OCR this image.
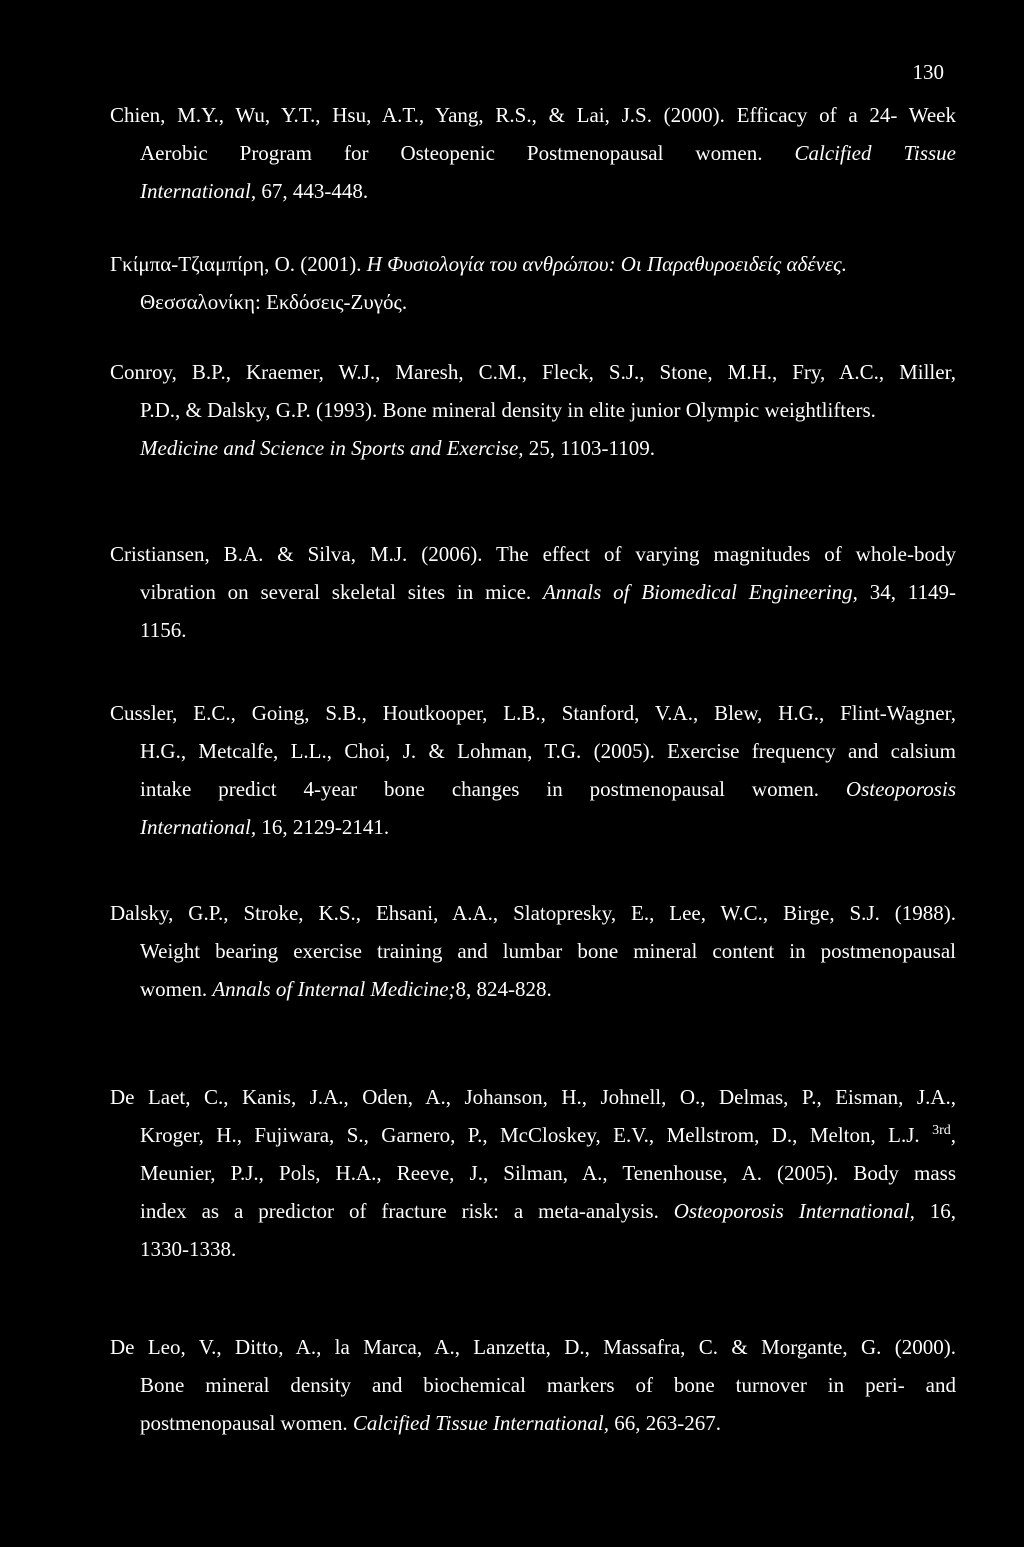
130
Chien, M.Y., Wu, Y.T., Hsu, A.T., Yang, R.S., & Lai, J.S. (2000). Efficacy of a 24- Week
Aerobic Program for Osteopenic Postmenopausal women. Calcified Tissue
International, 67, 443-448.
Γκίμπα-Τζιαμπίρη, Ο. (2001). Η Φυσιολογία του ανθρώπου: Οι Παραθυροειδείς αδένες.
Θεσσαλονίκη: Εκδόσεις-Ζυγός.
Conroy, B.P., Kraemer, W.J., Maresh, C.M., Fleck, S.J., Stone, M.H., Fry, A.C., Miller,
P.D., & Dalsky, G.P. (1993). Bone mineral density in elite junior Olympic weightlifters.
Medicine and Science in Sports and Exercise, 25, 1103-1109.
Cristiansen, B.A. & Silva, M.J. (2006). The effect of varying magnitudes of whole-body
vibration on several skeletal sites in mice. Annals of Biomedical Engineering, 34, 1149-
1156.
Cussler, E.C., Going, S.B., Houtkooper, L.B., Stanford, V.A., Blew, H.G., Flint-Wagner,
H.G., Metcalfe, L.L., Choi, J. & Lohman, T.G. (2005). Exercise frequency and calsium
intake predict 4-year bone changes in postmenopausal women. Osteoporosis
International, 16, 2129-2141.
Dalsky, G.P., Stroke, K.S., Ehsani, A.A., Slatopresky, E., Lee, W.C., Birge, S.J. (1988).
Weight bearing exercise training and lumbar bone mineral content in postmenopausal
women. Annals of Internal Medicine;8, 824-828.
De Laet, C., Kanis, J.A., Oden, A., Johanson, H., Johnell, O., Delmas, P., Eisman, J.A.,
Kroger, H., Fujiwara, S., Garnero, P., McCloskey, E.V., Mellstrom, D., Melton, L.J. $^{3rd}$,
Meunier, P.J., Pols, H.A., Reeve, J., Silman, A., Tenenhouse, A. (2005). Body mass
index as a predictor of fracture risk: a meta-analysis. Osteoporosis International, 16,
1330-1338.
De Leo, V., Ditto, A., la Marca, A., Lanzetta, D., Massafra, C. & Morgante, G. (2000).
Bone mineral density and biochemical markers of bone turnover in peri- and
postmenopausal women. Calcified Tissue International, 66, 263-267.
